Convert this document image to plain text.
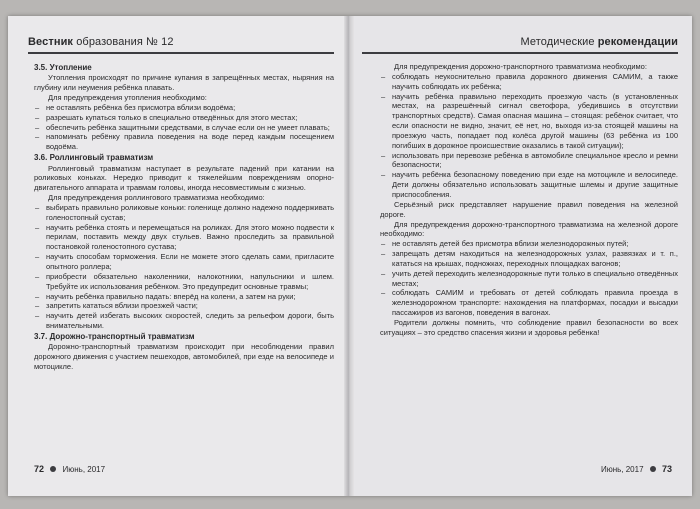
Вестник образования № 12
3.5. Утопление

Утопления происходят по причине купания в запрещённых местах, ныряния на глубину или неумения ребёнка плавать.

Для предупреждения утопления необходимо:

– не оставлять ребёнка без присмотра вблизи водоёма;
– разрешать купаться только в специально отведённых для этого местах;
– обеспечить ребёнка защитными средствами, в случае если он не умеет плавать;
– напоминать ребёнку правила поведения на воде перед каждым посещением водоёма.
3.6. Роллинговый травматизм

Роллинговый травматизм наступает в результате падений при катании на роликовых коньках. Нередко приводит к тяжелейшим повреждениям опорно-двигательного аппарата и травмам головы, иногда несовместимым с жизнью.

Для предупреждения роллингового травматизма необходимо:

– выбирать правильно роликовые коньки: голенище должно надежно поддерживать голеностопный сустав;
– научить ребёнка стоять и перемещаться на роликах. Для этого можно подвести к перилам, поставить между двух стульев. Важно проследить за правильной постановкой голеностопного сустава;
– научить способам торможения. Если не можете этого сделать сами, пригласите опытного роллера;
– приобрести обязательно наколенники, налокотники, напульсники и шлем. Требуйте их использования ребёнком. Это предупредит основные травмы;
– научить ребёнка правильно падать: вперёд на колени, а затем на руки;
– запретить кататься вблизи проезжей части;
– научить детей избегать высоких скоростей, следить за рельефом дороги, быть внимательными.
3.7. Дорожно-транспортный травматизм

Дорожно-транспортный травматизм происходит при несоблюдении правил дорожного движения с участием пешеходов, автомобилей, при езде на велосипеде и мотоцикле.

72 Июнь, 2017
Методические рекомендации

Для предупреждения дорожно-транспортного травматизма необходимо:

– соблюдать неукоснительно правила дорожного движения САМИМ, а также научить соблюдать их ребёнка;
– научить ребёнка правильно переходить проезжую часть (в установленных местах, на разрешённый сигнал светофора, убедившись в отсутствии транспортных средств). Самая опасная машина – стоящая: ребёнок считает, что если опасности не видно, значит, её нет, но, выходя из-за стоящей машины на проезжую часть, попадает под колёса другой машины (63 ребёнка из 100 погибших в дорожное происшествие оказались в такой ситуации);
– использовать при перевозке ребёнка в автомобиле специальное кресло и ремни безопасности;
– научить ребёнка безопасному поведению при езде на мотоцикле и велосипеде. Дети должны обязательно использовать защитные шлемы и другие защитные приспособления.

Серьёзный риск представляет нарушение правил поведения на железной дороге.

Для предупреждения дорожно-транспортного травматизма на железной дороге необходимо:

– не оставлять детей без присмотра вблизи железнодорожных путей;
– запрещать детям находиться на железнодорожных узлах, развязках и т. п., кататься на крышах, подножках, переходных площадках вагонов;
– учить детей переходить железнодорожные пути только в специально отведённых местах;
– соблюдать САМИМ и требовать от детей соблюдать правила проезда в железнодорожном транспорте: нахождения на платформах, посадки и высадки пассажиров из вагонов, поведения в вагонах.

Родители должны помнить, что соблюдение правил безопасности во всех ситуациях – это средство спасения жизни и здоровья ребёнка!

Июнь, 2017 73
